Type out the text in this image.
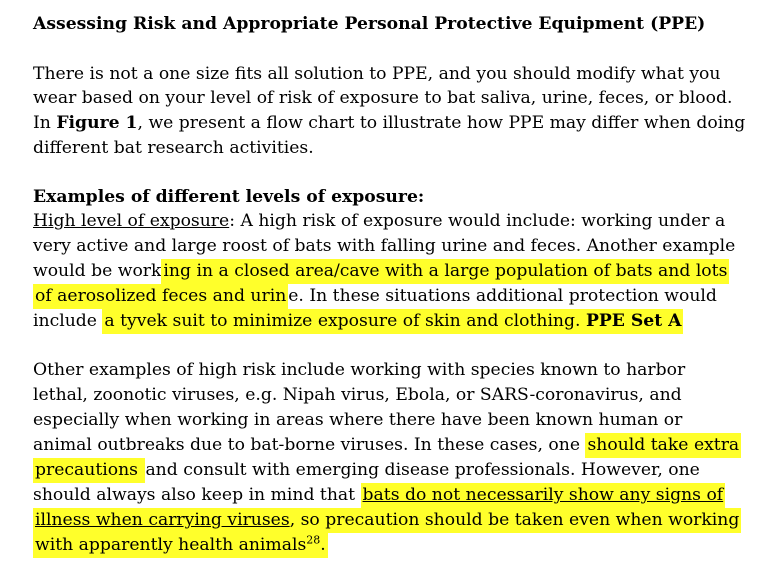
Assessing Risk and Appropriate Personal Protective Equipment (PPE)
There is not a one size fits all solution to PPE, and you should modify what you
wear based on your level of risk of exposure to bat saliva, urine, feces, or blood.
In Figure 1, we present a flow chart to illustrate how PPE may differ when doing
different bat research activities.
Examples of different levels of exposure:
High level of exposure: A high risk of exposure would include: working under a
very active and large roost of bats with falling urine and feces. Another example
would be work ing in a closed area/cave with a large population of bats and lots
of aerosolized feces and urin e. In these situations additional protection would
include a tyvek suit to minimize exposure of skin and clothing. PPE Set A
Other examples of high risk include working with species known to harbor
lethal, zoonotic viruses, e.g. Nipah virus, Ebola, or SARS-coronavirus, and
especially when working in areas where there have been known human or
animal outbreaks due to bat-borne viruses. In these cases, one should take extra
precautions and consult with emerging disease professionals. However, one
should always also keep in mind that bats do not necessarily show any signs of
illness when carrying viruses, so precaution should be taken even when working
with apparently health animals$^{28}$.
